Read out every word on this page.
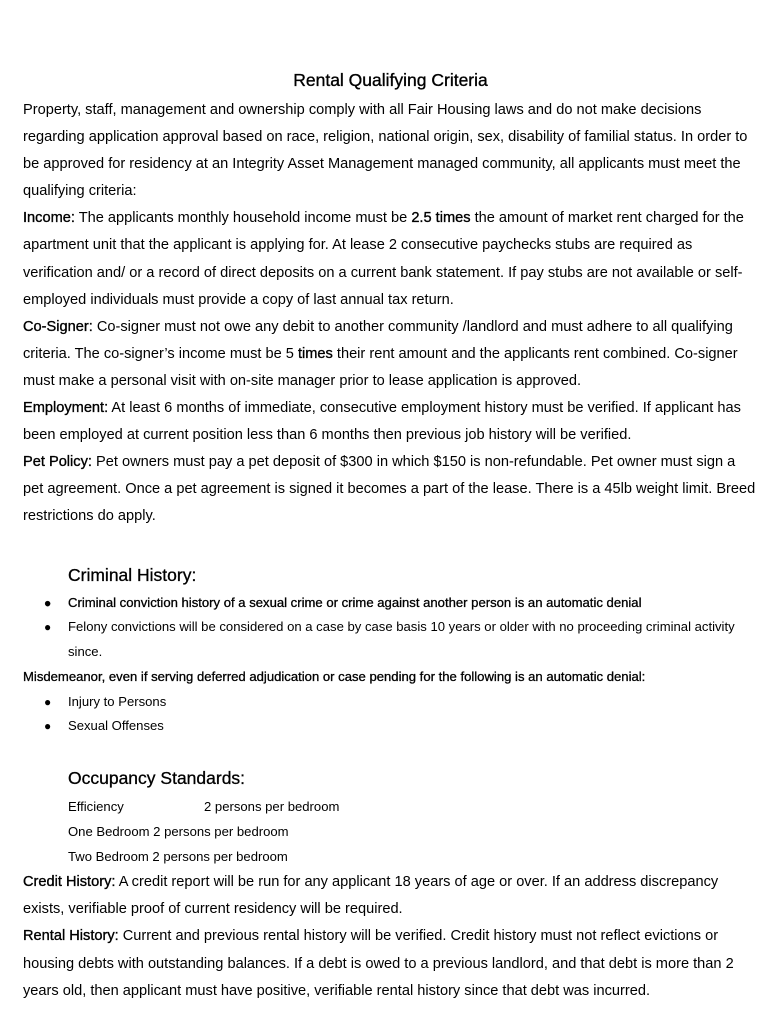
Rental Qualifying Criteria

Property, staff, management and ownership comply with all Fair Housing laws and do not make decisions regarding application approval based on race, religion, national origin, sex, disability of familial status. In order to be approved for residency at an Integrity Asset Management managed community, all applicants must meet the qualifying criteria:

Income: The applicants monthly household income must be 2.5 times the amount of market rent charged for the apartment unit that the applicant is applying for. At lease 2 consecutive paychecks stubs are required as verification and/ or a record of direct deposits on a current bank statement. If pay stubs are not available or self-employed individuals must provide a copy of last annual tax return.

Co-Signer: Co-signer must not owe any debit to another community /landlord and must adhere to all qualifying criteria. The co-signer’s income must be 5 times their rent amount and the applicants rent combined. Co-signer must make a personal visit with on-site manager prior to lease application is approved.

Employment: At least 6 months of immediate, consecutive employment history must be verified. If applicant has been employed at current position less than 6 months then previous job history will be verified.

Pet Policy: Pet owners must pay a pet deposit of $300 in which $150 is non-refundable. Pet owner must sign a pet agreement. Once a pet agreement is signed it becomes a part of the lease. There is a 45lb weight limit. Breed restrictions do apply.

Criminal History:
● Criminal conviction history of a sexual crime or crime against another person is an automatic denial
● Felony convictions will be considered on a case by case basis 10 years or older with no proceeding criminal activity since.

Misdemeanor, even if serving deferred adjudication or case pending for the following is an automatic denial:

● Injury to Persons
● Sexual Offenses
Occupancy Standards:
Efficiency	2 persons per bedroom
One Bedroom 2 persons per bedroom
Two Bedroom 2 persons per bedroom

Credit History: A credit report will be run for any applicant 18 years of age or over. If an address discrepancy exists, verifiable proof of current residency will be required.

Rental History: Current and previous rental history will be verified. Credit history must not reflect evictions or housing debts with outstanding balances. If a debt is owed to a previous landlord, and that debt is more than 2 years old, then applicant must have positive, verifiable rental history since that debt was incurred.
